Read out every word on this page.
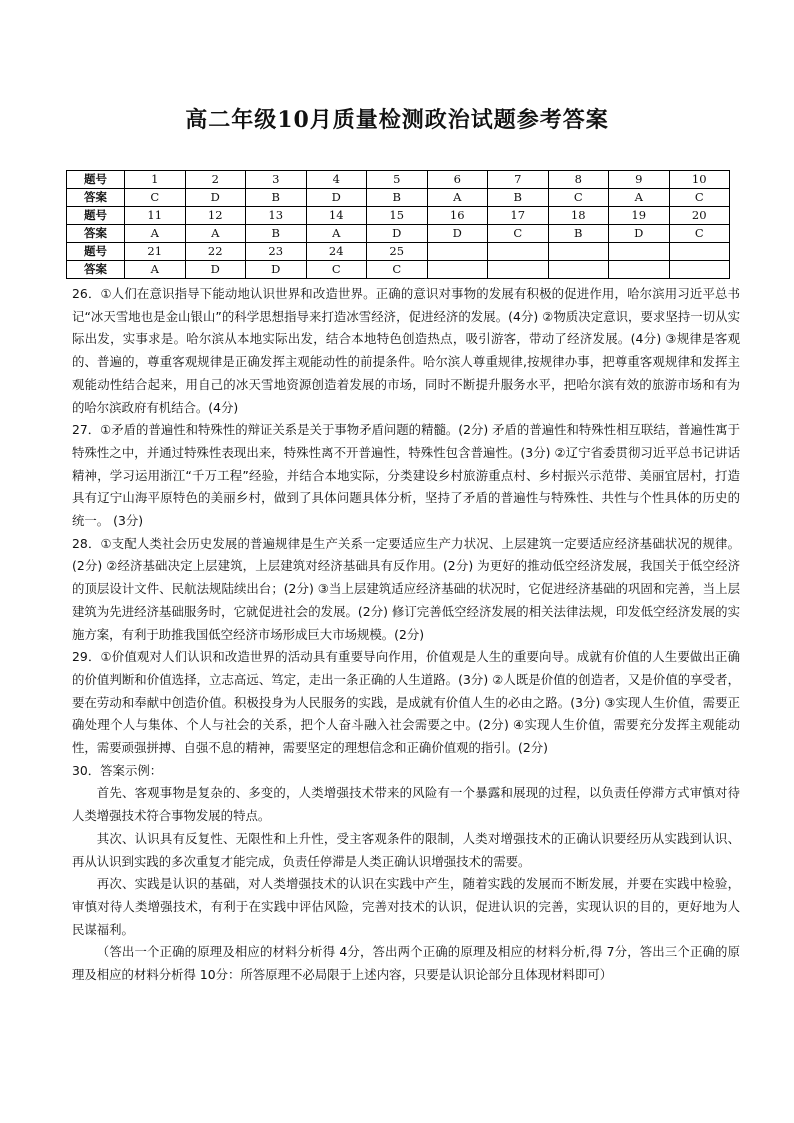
高二年级10月质量检测政治试题参考答案
题号	1	2	3	4	5	6	7	8	9	10
答案	C	D	B	D	B	A	B	C	A	C
题号	11	12	13	14	15	16	17	18	19	20
答案	A	A	B	A	D	D	C	B	D	C
题号	21	22	23	24	25					
答案	A	D	D	C	C					

26．①人们在意识指导下能动地认识世界和改造世界。正确的意识对事物的发展有积极的促进作用，哈尔滨用习近平总书记“冰天雪地也是金山银山”的科学思想指导来打造冰雪经济，促进经济的发展。(4分) ②物质决定意识，要求坚持一切从实际出发，实事求是。哈尔滨从本地实际出发，结合本地特色创造热点，吸引游客，带动了经济发展。(4分) ③规律是客观的、普遍的，尊重客观规律是正确发挥主观能动性的前提条件。哈尔滨人尊重规律,按规律办事，把尊重客观规律和发挥主观能动性结合起来，用自己的冰天雪地资源创造着发展的市场，同时不断提升服务水平，把哈尔滨有效的旅游市场和有为的哈尔滨政府有机结合。(4分)

27．①矛盾的普遍性和特殊性的辩证关系是关于事物矛盾问题的精髓。(2分) 矛盾的普遍性和特殊性相互联结，普遍性寓于特殊性之中，并通过特殊性表现出来，特殊性离不开普遍性，特殊性包含普遍性。(3分) ②辽宁省委贯彻习近平总书记讲话精神，学习运用浙江“千万工程”经验，并结合本地实际，分类建设乡村旅游重点村、乡村振兴示范带、美丽宜居村，打造具有辽宁山海平原特色的美丽乡村，做到了具体问题具体分析，坚持了矛盾的普遍性与特殊性、共性与个性具体的历史的统一。 (3分)

28．①支配人类社会历史发展的普遍规律是生产关系一定要适应生产力状况、上层建筑一定要适应经济基础状况的规律。(2分) ②经济基础决定上层建筑，上层建筑对经济基础具有反作用。(2分) 为更好的推动低空经济发展，我国关于低空经济的顶层设计文件、民航法规陆续出台；(2分) ③当上层建筑适应经济基础的状况时，它促进经济基础的巩固和完善，当上层建筑为先进经济基础服务时，它就促进社会的发展。(2分) 修订完善低空经济发展的相关法律法规，印发低空经济发展的实施方案，有利于助推我国低空经济市场形成巨大市场规模。(2分)

29．①价值观对人们认识和改造世界的活动具有重要导向作用，价值观是人生的重要向导。成就有价值的人生要做出正确的价值判断和价值选择，立志高远、笃定，走出一条正确的人生道路。(3分) ②人既是价值的创造者，又是价值的享受者，要在劳动和奉献中创造价值。积极投身为人民服务的实践，是成就有价值人生的必由之路。(3分) ③实现人生价值，需要正确处理个人与集体、个人与社会的关系，把个人奋斗融入社会需要之中。(2分) ④实现人生价值，需要充分发挥主观能动性，需要顽强拼搏、自强不息的精神，需要坚定的理想信念和正确价值观的指引。(2分)

30．答案示例：

首先、客观事物是复杂的、多变的，人类增强技术带来的风险有一个暴露和展现的过程，以负责任停滞方式审慎对待人类增强技术符合事物发展的特点。

其次、认识具有反复性、无限性和上升性，受主客观条件的限制，人类对增强技术的正确认识要经历从实践到认识、再从认识到实践的多次重复才能完成，负责任停滞是人类正确认识增强技术的需要。

再次、实践是认识的基础，对人类增强技术的认识在实践中产生，随着实践的发展而不断发展，并要在实践中检验，审慎对待人类增强技术，有利于在实践中评估风险，完善对技术的认识，促进认识的完善，实现认识的目的，更好地为人民谋福利。

（答出一个正确的原理及相应的材料分析得 4分，答出两个正确的原理及相应的材料分析,得 7分，答出三个正确的原理及相应的材料分析得 10分：所答原理不必局限于上述内容，只要是认识论部分且体现材料即可）
